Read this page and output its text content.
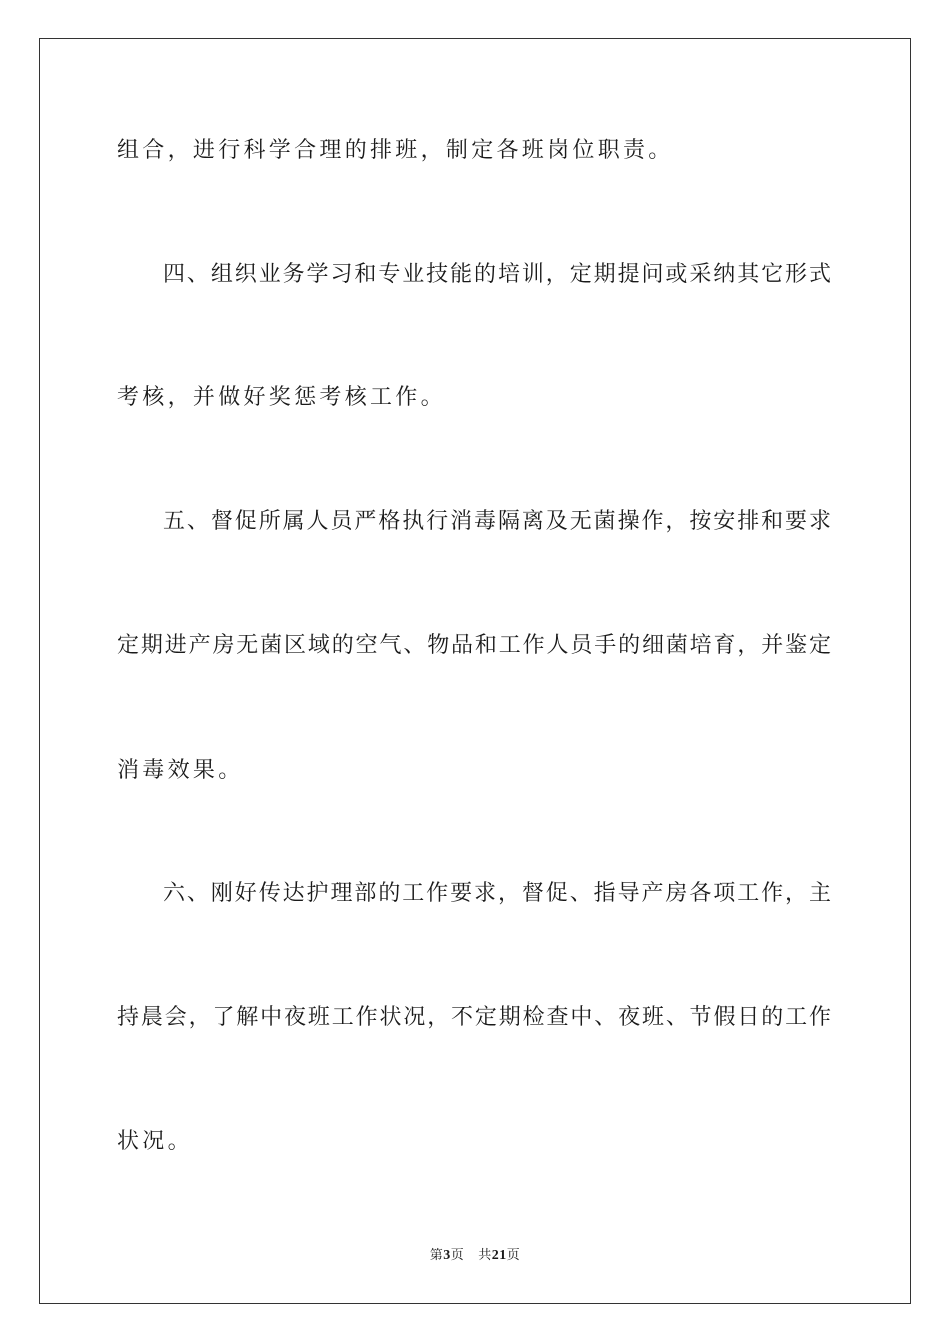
组合，进行科学合理的排班，制定各班岗位职责。
四、组织业务学习和专业技能的培训，定期提问或采纳其它形式
考核，并做好奖惩考核工作。
五、督促所属人员严格执行消毒隔离及无菌操作，按安排和要求
定期进产房无菌区域的空气、物品和工作人员手的细菌培育，并鉴定
消毒效果。
六、刚好传达护理部的工作要求，督促、指导产房各项工作，主
持晨会，了解中夜班工作状况，不定期检查中、夜班、节假日的工作
状况。
第3页 共21页
